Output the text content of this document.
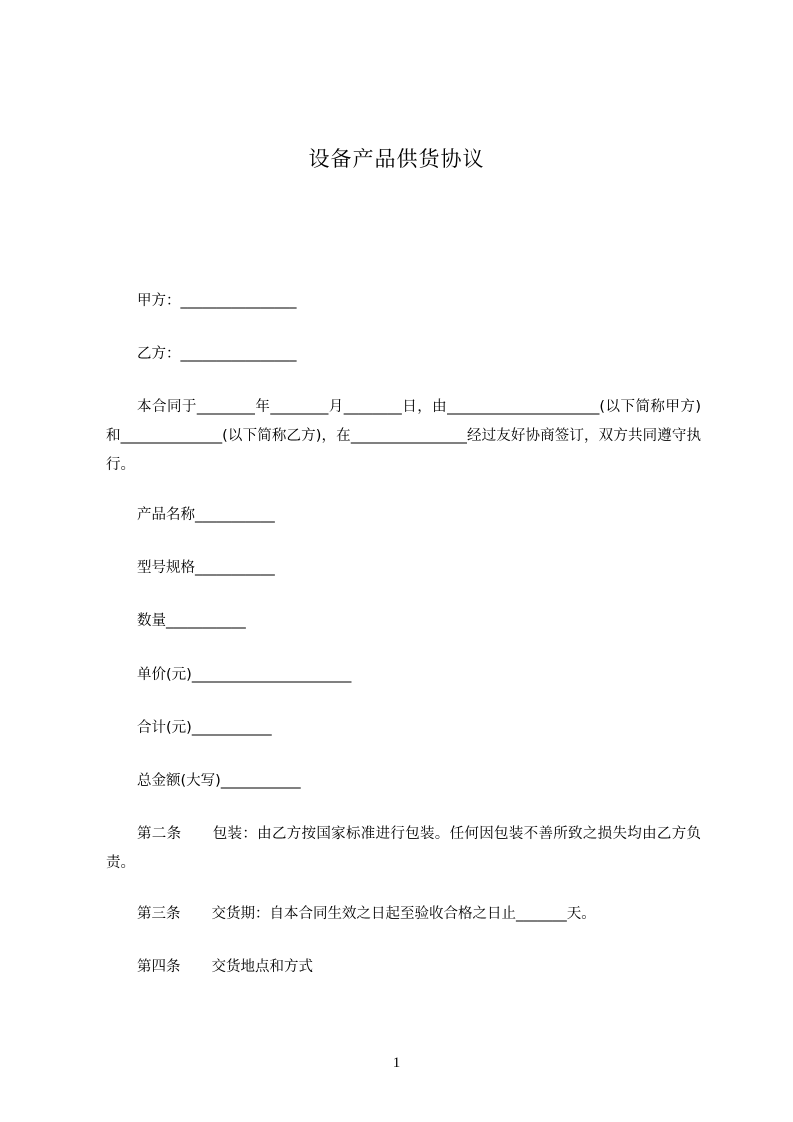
设备产品供货协议
甲方：________________
乙方：________________
本合同于________年________月________日，由_____________________(以下简称甲方)和______________(以下简称乙方)，在________________经过友好协商签订，双方共同遵守执行。
产品名称___________
型号规格___________
数量___________
单价(元)______________________
合计(元)___________
总金额(大写)___________
第二条 包装：由乙方按国家标准进行包装。任何因包装不善所致之损失均由乙方负责。
第三条 交货期：自本合同生效之日起至验收合格之日止_______天。
第四条 交货地点和方式
1
